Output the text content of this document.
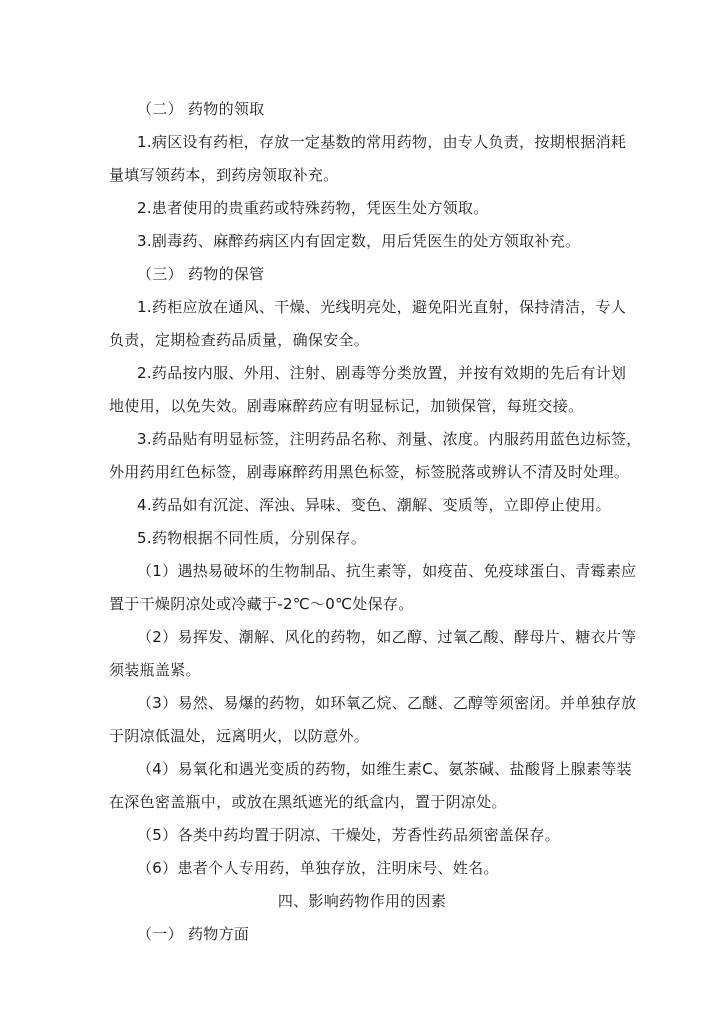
（二） 药物的领取
1.病区设有药柜，存放一定基数的常用药物，由专人负责，按期根据消耗
量填写领药本，到药房领取补充。
2.患者使用的贵重药或特殊药物，凭医生处方领取。
3.剧毒药、麻醉药病区内有固定数，用后凭医生的处方领取补充。
（三） 药物的保管
1.药柜应放在通风、干燥、光线明亮处，避免阳光直射，保持清洁，专人
负责，定期检查药品质量，确保安全。
2.药品按内服、外用、注射、剧毒等分类放置，并按有效期的先后有计划
地使用，以免失效。剧毒麻醉药应有明显标记，加锁保管，每班交接。
3.药品贴有明显标签，注明药品名称、剂量、浓度。内服药用蓝色边标签，
外用药用红色标签，剧毒麻醉药用黑色标签，标签脱落或辨认不清及时处理。
4.药品如有沉淀、浑浊、异味、变色、潮解、变质等，立即停止使用。
5.药物根据不同性质，分别保存。
（1）遇热易破坏的生物制品、抗生素等，如疫苗、免疫球蛋白、青霉素应
置于干燥阴凉处或冷藏于-2℃～0℃处保存。
（2）易挥发、潮解、风化的药物，如乙醇、过氧乙酸、酵母片、糖衣片等
须装瓶盖紧。
（3）易然、易爆的药物，如环氧乙烷、乙醚、乙醇等须密闭。并单独存放
于阴凉低温处，远离明火，以防意外。
（4）易氧化和遇光变质的药物，如维生素C、氨茶碱、盐酸肾上腺素等装
在深色密盖瓶中，或放在黑纸遮光的纸盒内，置于阴凉处。
（5）各类中药均置于阴凉、干燥处，芳香性药品须密盖保存。
（6）患者个人专用药，单独存放，注明床号、姓名。
四、影响药物作用的因素
（一） 药物方面
